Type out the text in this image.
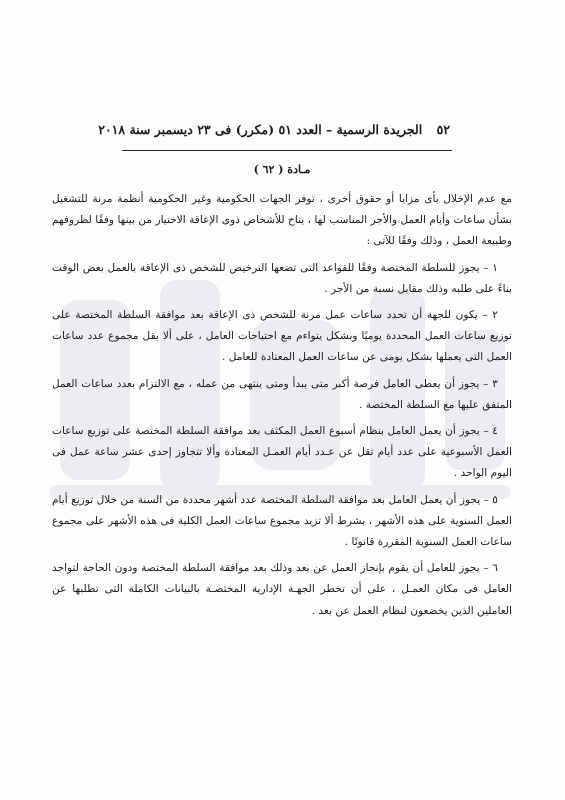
٥٢ الجريدة الرسمية – العدد ٥١ (مكرر) فى ٢٣ ديسمبر سنة ٢٠١٨
مـادة ( ٦٢ )

مع عدم الإخلال بأى مزايا أو حقوق أخرى ، توفر الجهات الحكومية وغير الحكومية أنظمة مرنة للتشغيل بشأن ساعات وأيام العمل والأجر المناسب لها ، يتاح للأشخاص ذوى الإعاقة الاختيار من بينها وفقًا لظروفهم وطبيعة العمل ، وذلك وفقًا للآتى :

١ – يجوز للسلطة المختصة وفقًا للقواعد التى تضعها الترخيص للشخص ذى الإعاقة بالعمل بعض الوقت بناءً على طلبه وذلك مقابل نسبة من الأجر .

٢ – يكون للجهة أن تحدد ساعات عمل مرنة للشخص ذى الإعاقة بعد موافقة السلطة المختصة على توزيع ساعات العمل المحددة يوميًا وبشكل يتواءم مع احتياجات العامل ، على ألا يقل مجموع عدد ساعات العمل التى يعملها بشكل يومى عن ساعات العمل المعتادة للعامل .

٣ – يجوز أن يعطى العامل فرصة أكبر متى يبدأ ومتى ينتهى من عمله ، مع الالتزام بعدد ساعات العمل المتفق عليها مع السلطة المختصة .

٤ – يجوز أن يعمل العامل بنظام أسبوع العمل المكثف بعد موافقة السلطة المختصة على توزيع ساعات العمل الأسبوعية على عدد أيام تقل عن عـدد أيام العمـل المعتادة وألا تتجاوز إحدى عشر ساعة عمل فى اليوم الواحد .

٥ – يجوز أن يعمل العامل بعد موافقة السلطة المختصة عدد أشهر محددة من السنة من خلال توزيع أيام العمل السنوية على هذه الأشهر ، بشرط ألا تزيد مجموع ساعات العمل الكلية فى هذه الأشهر على مجموع ساعات العمل السنوية المقررة قانونًا .

٦ – يجوز للعامل أن يقوم بإنجاز العمل عن بعد وذلك بعد موافقة السلطة المختصة ودون الحاجة لتواجد العامل فى مكان العمـل ، على أن تخطر الجهـة الإدارية المختصـة بالبيانات الكاملة التى تطلبها عن العاملين الذين يخضعون لنظام العمل عن بعد .
